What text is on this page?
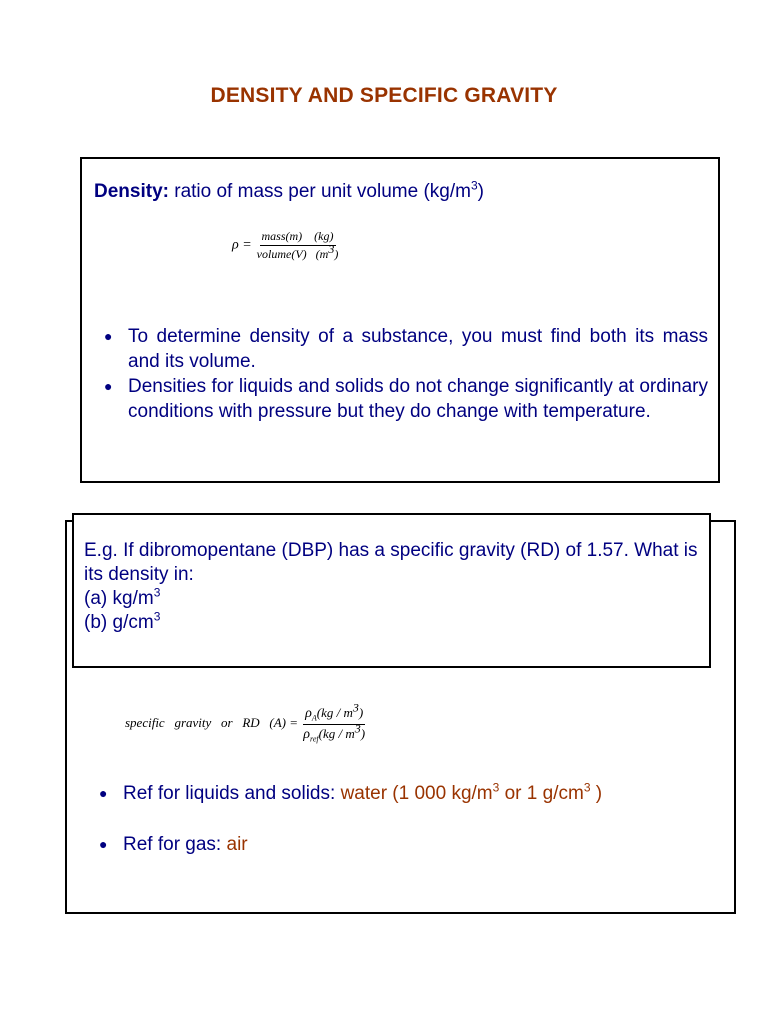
DENSITY AND SPECIFIC GRAVITY
Density: ratio of mass per unit volume $(kg/m^3)$
$\rho = \frac{\text{mass(m) (kg)}}{volume(V) (m^3)}$
● To determine density of a substance, you must find both its mass and its volume.
● Densities for liquids and solids do not change significantly at ordinary conditions with pressure but they do change with temperature.
specific   gravity   or   RD   $(A) = \frac{\rho_A(kg / m^3)}{\rho_{ref}(kg / m^3)}$
● Ref for liquids and solids: water (1 000 $kg/m^3$ or 1 $g/cm^3$ )
● Ref for gas: air
E.g. If dibromopentane (DBP) has a specific gravity (RD) of 1.57. What is its density in:
(a) $kg/m^3$
(b) $g/cm^3$
